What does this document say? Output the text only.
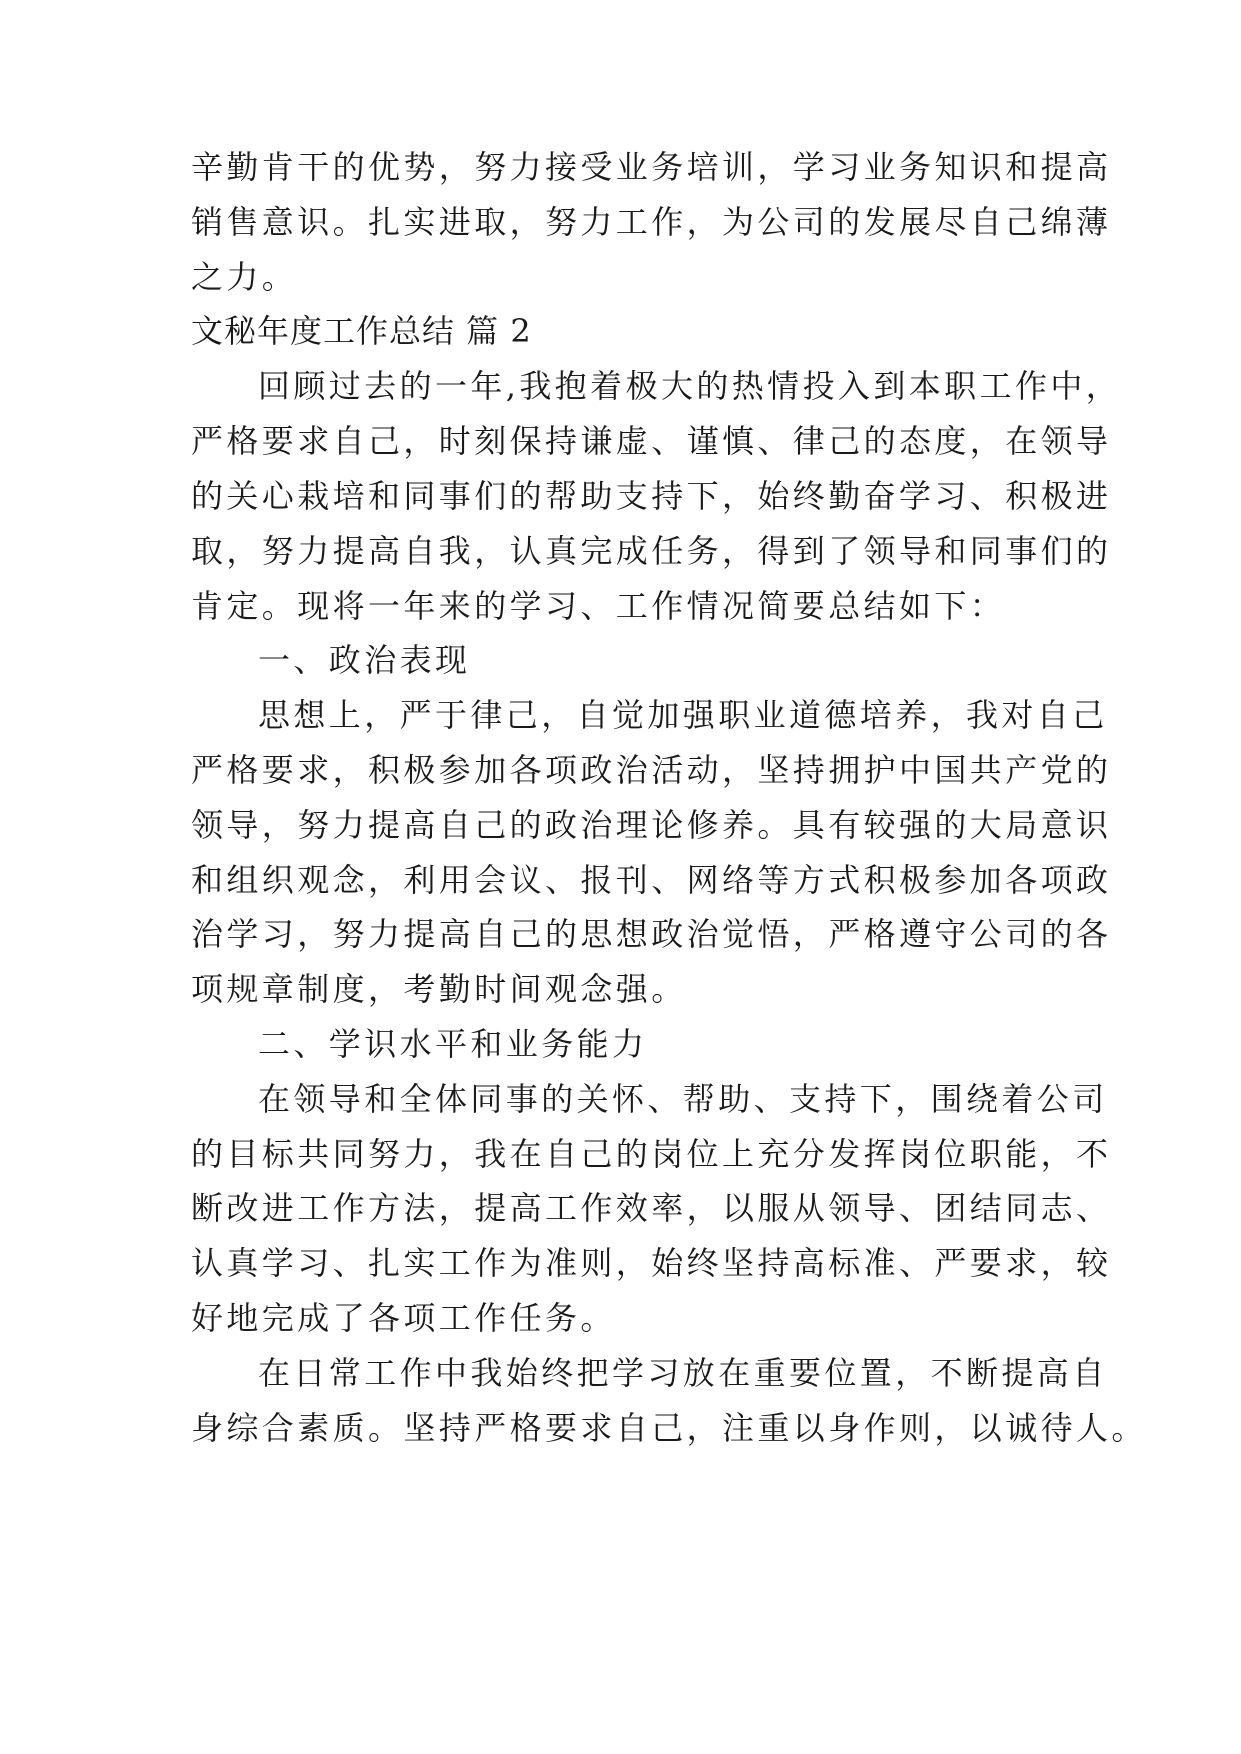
辛勤肯干的优势，努力接受业务培训，学习业务知识和提高
销售意识。扎实进取，努力工作，为公司的发展尽自己绵薄
之力。
文秘年度工作总结 篇 2
回顾过去的一年,我抱着极大的热情投入到本职工作中，
严格要求自己，时刻保持谦虚、谨慎、律己的态度，在领导
的关心栽培和同事们的帮助支持下，始终勤奋学习、积极进
取，努力提高自我，认真完成任务，得到了领导和同事们的
肯定。现将一年来的学习、工作情况简要总结如下：
一、政治表现
思想上，严于律己，自觉加强职业道德培养，我对自己
严格要求，积极参加各项政治活动，坚持拥护中国共产党的
领导，努力提高自己的政治理论修养。具有较强的大局意识
和组织观念，利用会议、报刊、网络等方式积极参加各项政
治学习，努力提高自己的思想政治觉悟，严格遵守公司的各
项规章制度，考勤时间观念强。
二、学识水平和业务能力
在领导和全体同事的关怀、帮助、支持下，围绕着公司
的目标共同努力，我在自己的岗位上充分发挥岗位职能，不
断改进工作方法，提高工作效率，以服从领导、团结同志、
认真学习、扎实工作为准则，始终坚持高标准、严要求，较
好地完成了各项工作任务。
在日常工作中我始终把学习放在重要位置，不断提高自
身综合素质。坚持严格要求自己，注重以身作则，以诚待人。
